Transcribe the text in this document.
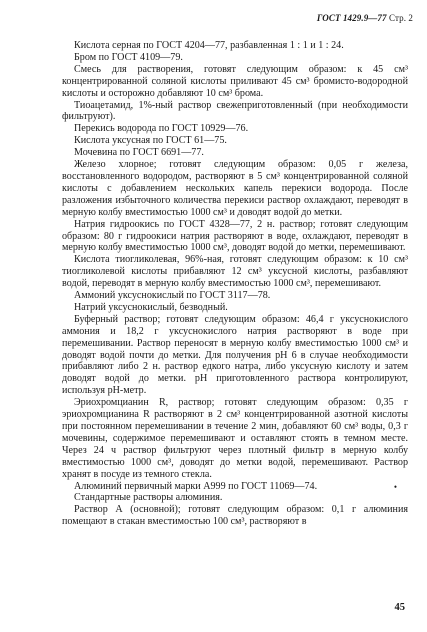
ГОСТ 1429.9—77 Стр. 2

Кислота серная по ГОСТ 4204—77, разбавленная 1 : 1 и 1 : 24.

Бром по ГОСТ 4109—79.

Смесь для растворения, готовят следующим образом: к 45 см³ концентрированной соляной кислоты приливают 45 см³ бромисто-водородной кислоты и осторожно добавляют 10 см³ брома.

Тиоацетамид, 1%-ный раствор свежеприготовленный (при необходимости фильтруют).

Перекись водорода по ГОСТ 10929—76.

Кислота уксусная по ГОСТ 61—75.

Мочевина по ГОСТ 6691—77.

Железо хлорное; готовят следующим образом: 0,05 г железа, восстановленного водородом, растворяют в 5 см³ концентрированной соляной кислоты с добавлением нескольких капель перекиси водорода. После разложения избыточного количества перекиси раствор охлаждают, переводят в мерную колбу вместимостью 1000 см³ и доводят водой до метки.

Натрия гидроокись по ГОСТ 4328—77, 2 н. раствор; готовят следующим образом: 80 г гидроокиси натрия растворяют в воде, охлаждают, переводят в мерную колбу вместимостью 1000 см³, доводят водой до метки, перемешивают.

Кислота тиогликолевая, 96%-ная, готовят следующим образом: к 10 см³ тиогликолевой кислоты прибавляют 12 см³ уксусной кислоты, разбавляют водой, переводят в мерную колбу вместимостью 1000 см³, перемешивают.

Аммоний уксуснокислый по ГОСТ 3117—78.

Натрий уксуснокислый, безводный.

Буферный раствор; готовят следующим образом: 46,4 г уксуснокислого аммония и 18,2 г уксуснокислого натрия растворяют в воде при перемешивании. Раствор переносят в мерную колбу вместимостью 1000 см³ и доводят водой почти до метки. Для получения pH 6 в случае необходимости прибавляют либо 2 н. раствор едкого натра, либо уксусную кислоту и затем доводят водой до метки. pH приготовленного раствора контролируют, используя pH-метр.

Эриохромцианин R, раствор; готовят следующим образом: 0,35 г эриохромцианина R растворяют в 2 см³ концентрированной азотной кислоты при постоянном перемешивании в течение 2 мин, добавляют 60 см³ воды, 0,3 г мочевины, содержимое перемешивают и оставляют стоять в темном месте. Через 24 ч раствор фильтруют через плотный фильтр в мерную колбу вместимостью 1000 см³, доводят до метки водой, перемешивают. Раствор хранят в посуде из темного стекла.

Алюминий первичный марки А999 по ГОСТ 11069—74.

Стандартные растворы алюминия.

Раствор А (основной); готовят следующим образом: 0,1 г алюминия помещают в стакан вместимостью 100 см³, растворяют в

•
45
